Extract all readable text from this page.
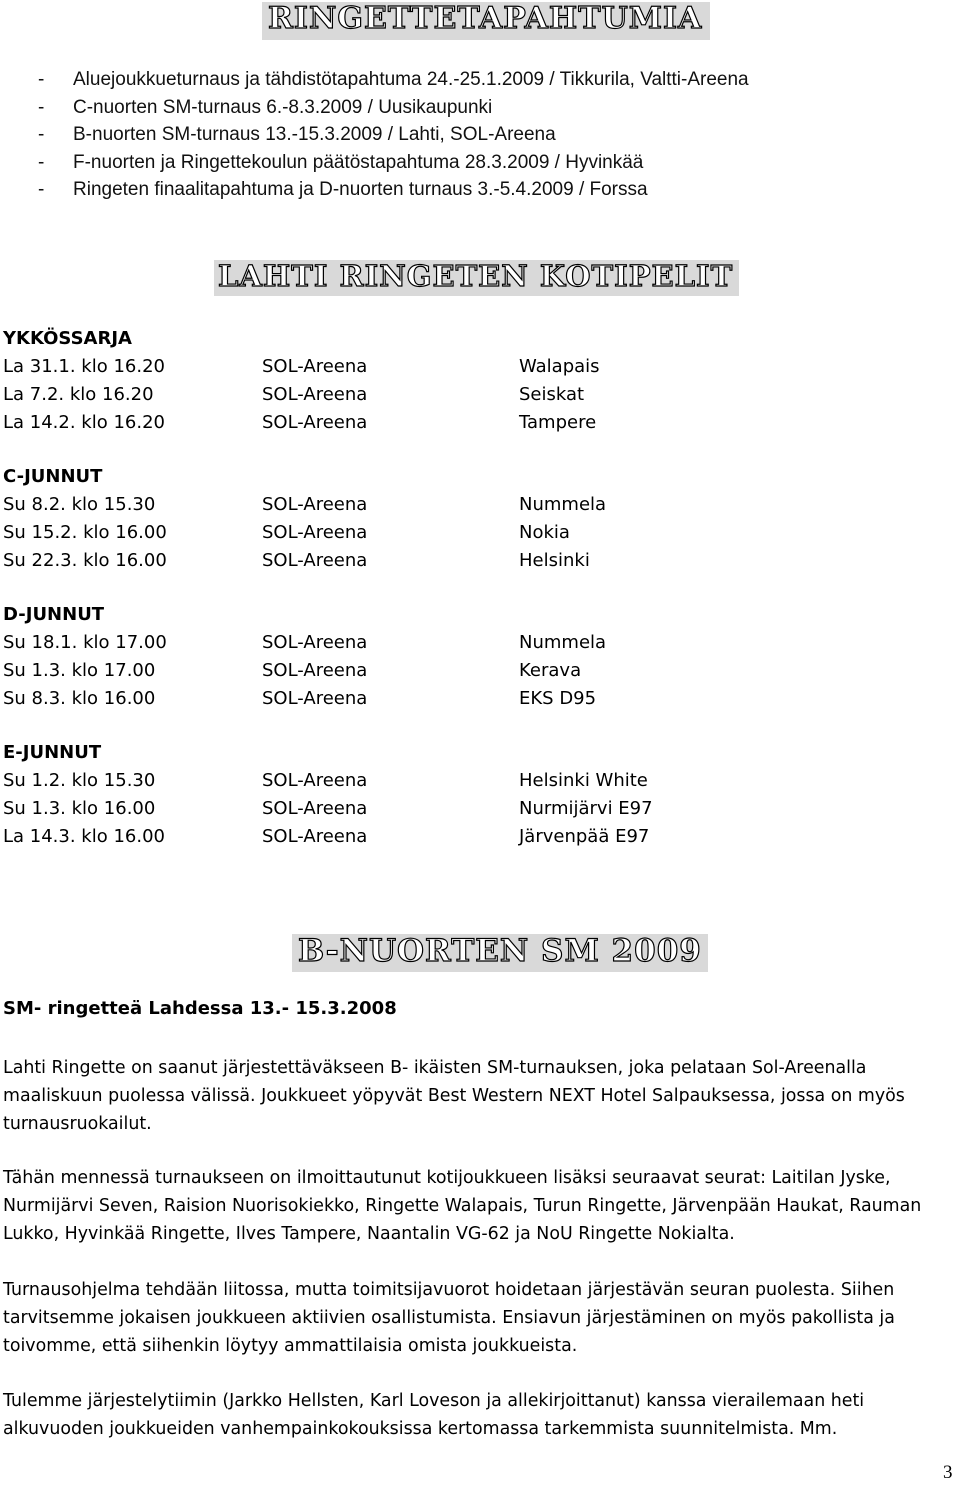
RINGETTETAPAHTUMIA
- Aluejoukkueturnaus ja tähdistötapahtuma 24.-25.1.2009 / Tikkurila, Valtti-Areena
- C-nuorten SM-turnaus 6.-8.3.2009 / Uusikaupunki
- B-nuorten SM-turnaus 13.-15.3.2009 / Lahti, SOL-Areena
- F-nuorten ja Ringettekoulun päätöstapahtuma 28.3.2009 / Hyvinkää
- Ringeten finaalitapahtuma ja D-nuorten turnaus 3.-5.4.2009 / Forssa
LAHTI RINGETEN KOTIPELIT
YKKÖSSARJA
La 31.1. klo 16.20	SOL-Areena	Walapais
La 7.2. klo 16.20	SOL-Areena	Seiskat
La 14.2. klo 16.20	SOL-Areena	Tampere
C-JUNNUT
Su 8.2. klo 15.30	SOL-Areena	Nummela
Su 15.2. klo 16.00	SOL-Areena	Nokia
Su 22.3. klo 16.00	SOL-Areena	Helsinki
D-JUNNUT
Su 18.1. klo 17.00	SOL-Areena	Nummela
Su 1.3. klo 17.00	SOL-Areena	Kerava
Su 8.3. klo 16.00	SOL-Areena	EKS D95
E-JUNNUT
Su 1.2. klo 15.30	SOL-Areena	Helsinki White
Su 1.3. klo 16.00	SOL-Areena	Nurmijärvi E97
La 14.3. klo 16.00	SOL-Areena	Järvenpää E97
B-NUORTEN SM 2009
SM- ringetteä Lahdessa 13.- 15.3.2008

Lahti Ringette on saanut järjestettäväkseen B- ikäisten SM-turnauksen, joka pelataan Sol-Areenalla maaliskuun puolessa välissä. Joukkueet yöpyvät Best Western NEXT Hotel Salpauksessa, jossa on myös turnausruokailut.

Tähän mennessä turnaukseen on ilmoittautunut kotijoukkueen lisäksi seuraavat seurat: Laitilan Jyske, Nurmijärvi Seven, Raision Nuorisokiekko, Ringette Walapais, Turun Ringette, Järvenpään Haukat, Rauman Lukko, Hyvinkää Ringette, Ilves Tampere, Naantalin VG-62 ja NoU Ringette Nokialta.

Turnausohjelma tehdään liitossa, mutta toimitsijavuorot hoidetaan järjestävän seuran puolesta. Siihen tarvitsemme jokaisen joukkueen aktiivien osallistumista. Ensiavun järjestäminen on myös pakollista ja toivomme, että siihenkin löytyy ammattilaisia omista joukkueista.

Tulemme järjestelytiimin (Jarkko Hellsten, Karl Loveson ja allekirjoittanut) kanssa vierailemaan heti alkuvuoden joukkueiden vanhempainkokouksissa kertomassa tarkemmista suunnitelmista. Mm.

3
